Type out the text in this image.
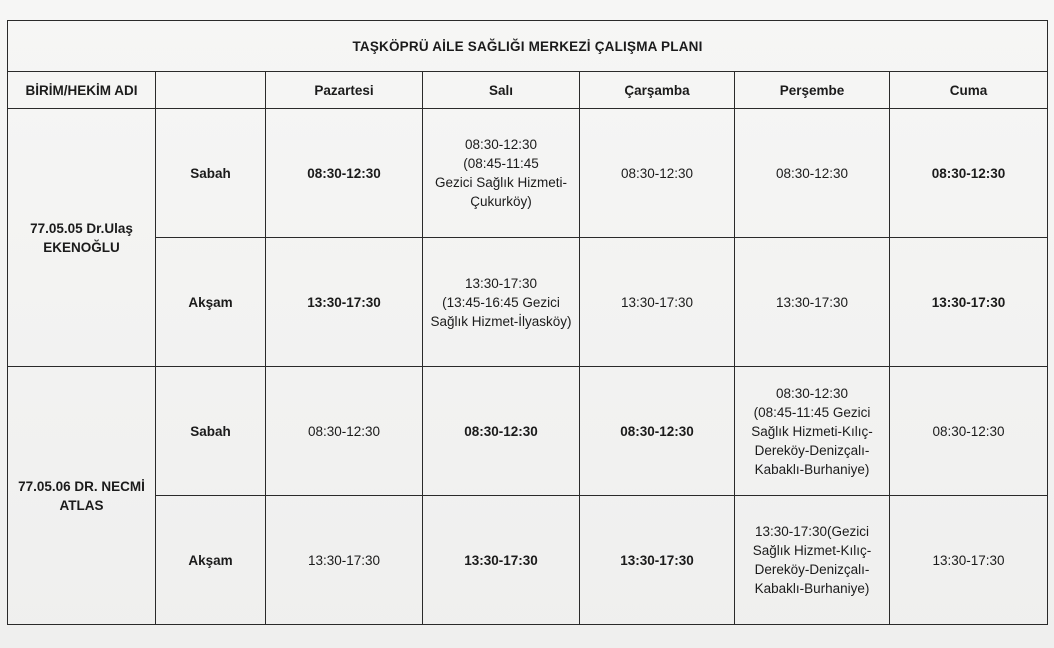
TAŞKÖPRÜ AİLE SAĞLIĞI MERKEZİ ÇALIŞMA PLANI						
BİRİM/HEKİM ADI		Pazartesi	Salı	Çarşamba	Perşembe	Cuma
77.05.05 Dr.Ulaş EKENOĞLU	Sabah	08:30-12:30	08:30-12:30
(08:45-11:45
Gezici Sağlık Hizmeti-
Çukurköy)	08:30-12:30	08:30-12:30	08:30-12:30
	Akşam	13:30-17:30	13:30-17:30
(13:45-16:45 Gezici
Sağlık Hizmet-İlyasköy)	13:30-17:30	13:30-17:30	13:30-17:30
77.05.06 DR. NECMİ ATLAS	Sabah	08:30-12:30	08:30-12:30	08:30-12:30	08:30-12:30
(08:45-11:45 Gezici
Sağlık Hizmeti-Kılıç-
Dereköy-Denizçalı-
Kabaklı-Burhaniye)	08:30-12:30
	Akşam	13:30-17:30	13:30-17:30	13:30-17:30	13:30-17:30(Gezici
Sağlık Hizmet-Kılıç-
Dereköy-Denizçalı-
Kabaklı-Burhaniye)	13:30-17:30
